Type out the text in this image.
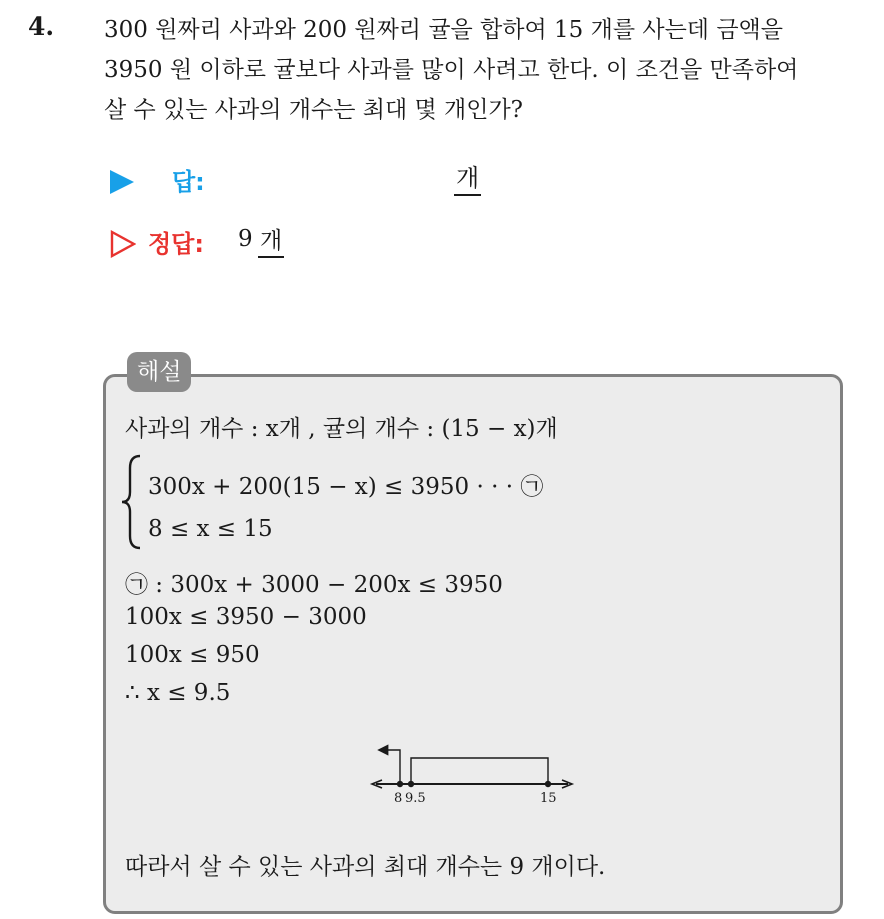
4. 300 원짜리 사과와 200 원짜리 귤을 합하여 15 개를 사는데 금액을
3950 원 이하로 귤보다 사과를 많이 사려고 한다. 이 조건을 만족하여
살 수 있는 사과의 개수는 최대 몇 개인가?
답:	개
정답: 9 개
해설
사과의 개수 : x개 , 귤의 개수 : (15 − x)개
300x + 200(15 − x) ≤ 3950 · · · ㉠
8 ≤ x ≤ 15
㉠ : 300x + 3000 − 200x ≤ 3950
100x ≤ 3950 − 3000
100x ≤ 950
∴ x ≤ 9.5
8 9.5	15
따라서 살 수 있는 사과의 최대 개수는 9 개이다.
